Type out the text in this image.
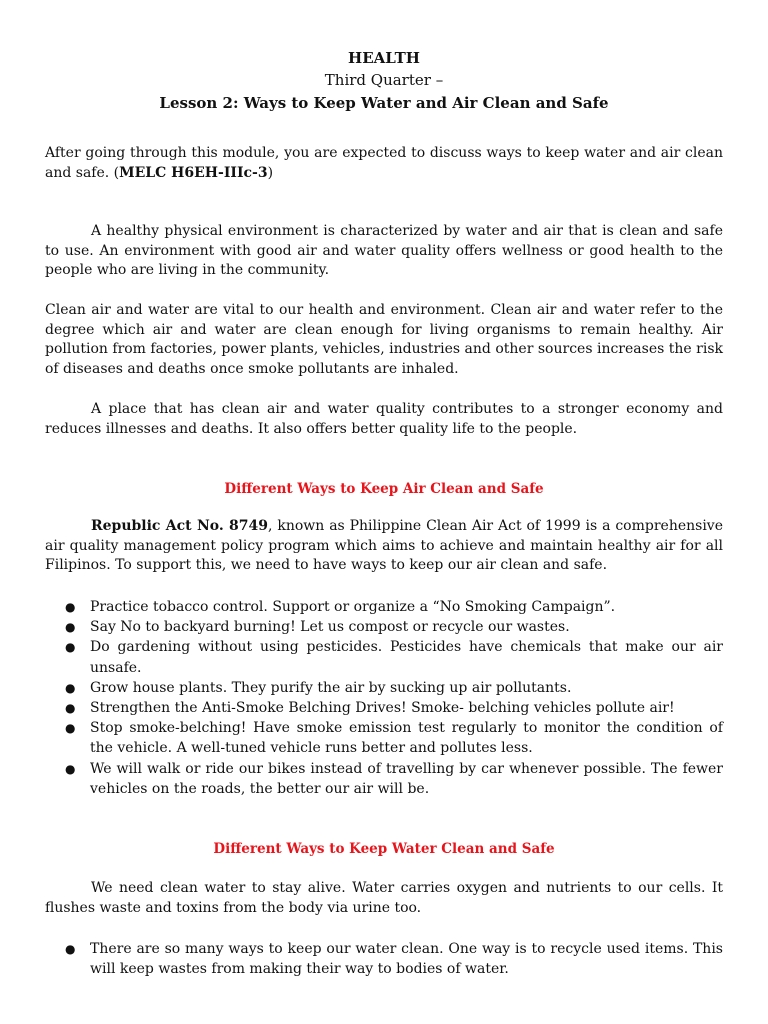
HEALTH
Third Quarter –
Lesson 2: Ways to Keep Water and Air Clean and Safe

After going through this module, you are expected to discuss ways to keep water and air clean and safe. (MELC H6EH-IIIc-3)

A healthy physical environment is characterized by water and air that is clean and safe to use. An environment with good air and water quality offers wellness or good health to the people who are living in the community.

Clean air and water are vital to our health and environment. Clean air and water refer to the degree which air and water are clean enough for living organisms to remain healthy. Air pollution from factories, power plants, vehicles, industries and other sources increases the risk of diseases and deaths once smoke pollutants are inhaled.

A place that has clean air and water quality contributes to a stronger economy and reduces illnesses and deaths. It also offers better quality life to the people.

Different Ways to Keep Air Clean and Safe

Republic Act No. 8749, known as Philippine Clean Air Act of 1999 is a comprehensive air quality management policy program which aims to achieve and maintain healthy air for all Filipinos. To support this, we need to have ways to keep our air clean and safe.

● Practice tobacco control. Support or organize a “No Smoking Campaign”.
● Say No to backyard burning! Let us compost or recycle our wastes.
● Do gardening without using pesticides. Pesticides have chemicals that make our air unsafe.
● Grow house plants. They purify the air by sucking up air pollutants.
● Strengthen the Anti-Smoke Belching Drives! Smoke- belching vehicles pollute air!
● Stop smoke-belching! Have smoke emission test regularly to monitor the condition of the vehicle. A well-tuned vehicle runs better and pollutes less.
● We will walk or ride our bikes instead of travelling by car whenever possible. The fewer vehicles on the roads, the better our air will be.
Different Ways to Keep Water Clean and Safe

We need clean water to stay alive. Water carries oxygen and nutrients to our cells. It flushes waste and toxins from the body via urine too.

● There are so many ways to keep our water clean. One way is to recycle used items. This will keep wastes from making their way to bodies of water.
